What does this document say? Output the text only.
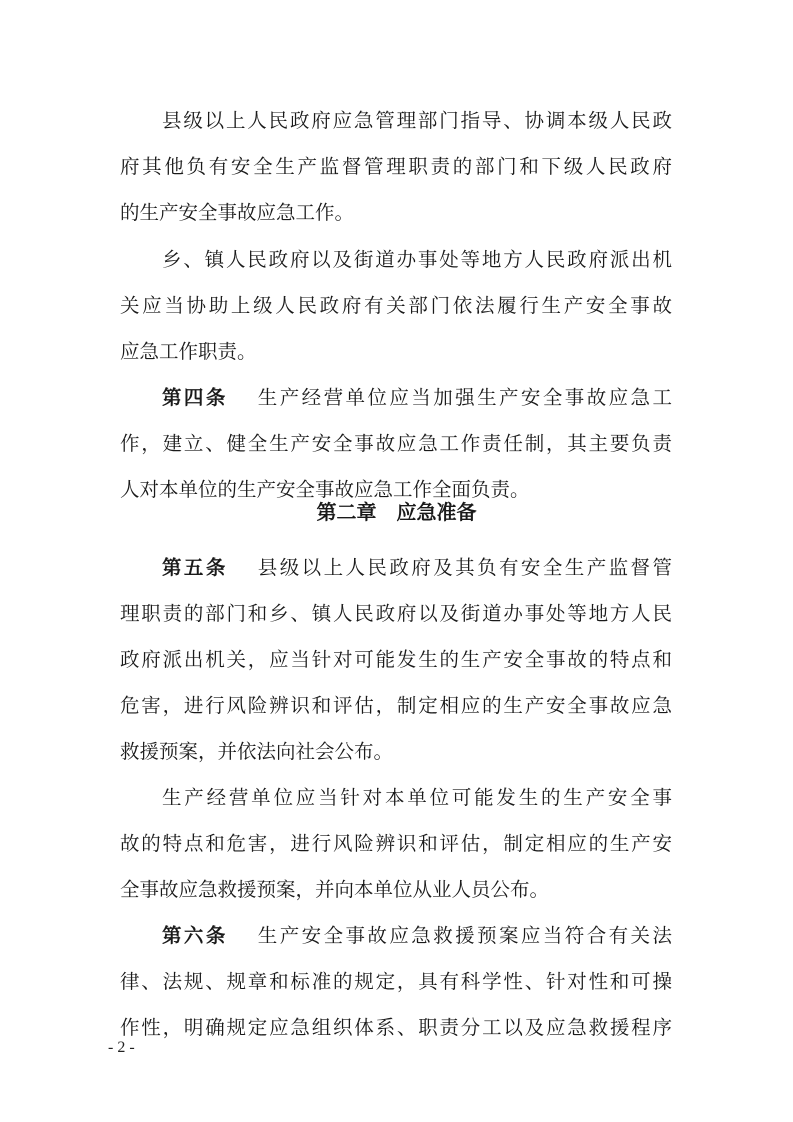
县级以上人民政府应急管理部门指导、协调本级人民政
府其他负有安全生产监督管理职责的部门和下级人民政府
的生产安全事故应急工作。
乡、镇人民政府以及街道办事处等地方人民政府派出机
关应当协助上级人民政府有关部门依法履行生产安全事故
应急工作职责。
第四条 生产经营单位应当加强生产安全事故应急工
作，建立、健全生产安全事故应急工作责任制，其主要负责
人对本单位的生产安全事故应急工作全面负责。
第二章　应急准备
第五条 县级以上人民政府及其负有安全生产监督管
理职责的部门和乡、镇人民政府以及街道办事处等地方人民
政府派出机关，应当针对可能发生的生产安全事故的特点和
危害，进行风险辨识和评估，制定相应的生产安全事故应急
救援预案，并依法向社会公布。
生产经营单位应当针对本单位可能发生的生产安全事
故的特点和危害，进行风险辨识和评估，制定相应的生产安
全事故应急救援预案，并向本单位从业人员公布。
第六条 生产安全事故应急救援预案应当符合有关法
律、法规、规章和标准的规定，具有科学性、针对性和可操
作性，明确规定应急组织体系、职责分工以及应急救援程序
- 2 -
